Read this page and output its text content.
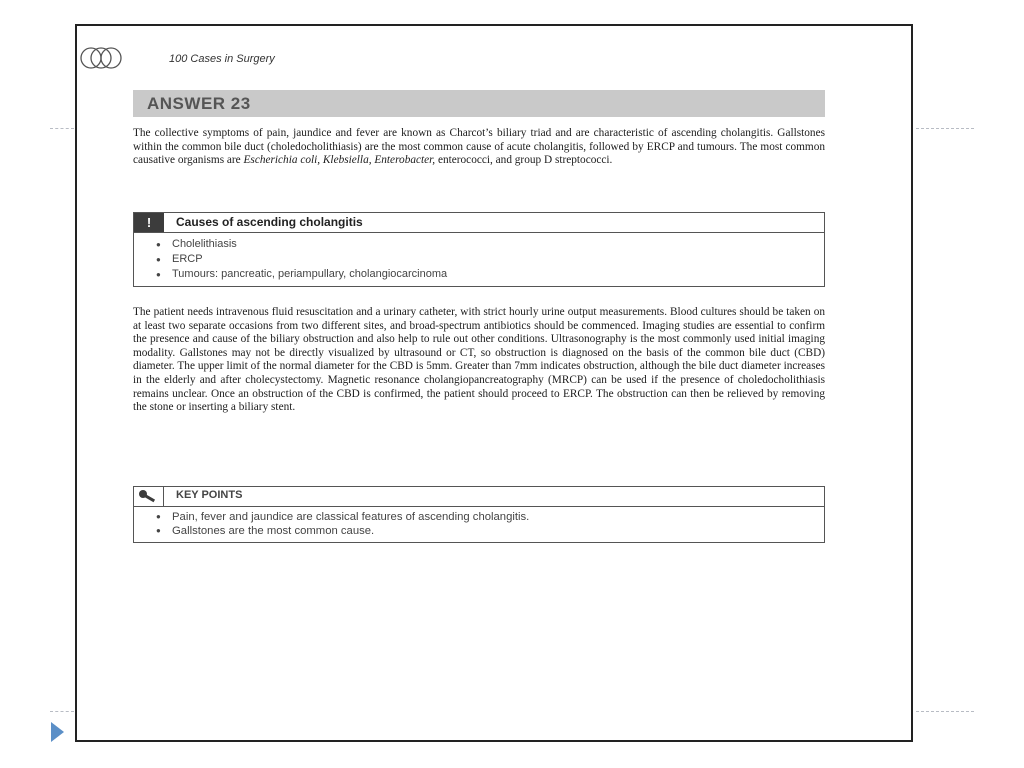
100 Cases in Surgery
ANSWER 23

The collective symptoms of pain, jaundice and fever are known as Charcot’s biliary triad and are characteristic of ascending cholangitis. Gallstones within the common bile duct (choledocholithiasis) are the most common cause of acute cholangitis, followed by ERCP and tumours. The most common causative organisms are Escherichia coli, Klebsiella, Enterobacter, enterococci, and group D streptococci.

!	Causes of ascending cholangitis
● Cholelithiasis
● ERCP
● Tumours: pancreatic, periampullary, cholangiocarcinoma

The patient needs intravenous fluid resuscitation and a urinary catheter, with strict hourly urine output measurements. Blood cultures should be taken on at least two separate occasions from two different sites, and broad-spectrum antibiotics should be commenced. Imaging studies are essential to confirm the presence and cause of the biliary obstruction and also help to rule out other conditions. Ultrasonography is the most commonly used initial imaging modality. Gallstones may not be directly visualized by ultrasound or CT, so obstruction is diagnosed on the basis of the common bile duct (CBD) diameter. The upper limit of the normal diameter for the CBD is 5mm. Greater than 7mm indicates obstruction, although the bile duct diameter increases in the elderly and after cholecystectomy. Magnetic resonance cholangiopancreatography (MRCP) can be used if the presence of choledocholithiasis remains unclear. Once an obstruction of the CBD is confirmed, the patient should proceed to ERCP. The obstruction can then be relieved by removing the stone or inserting a biliary stent.

KEY POINTS
● Pain, fever and jaundice are classical features of ascending cholangitis.
● Gallstones are the most common cause.
